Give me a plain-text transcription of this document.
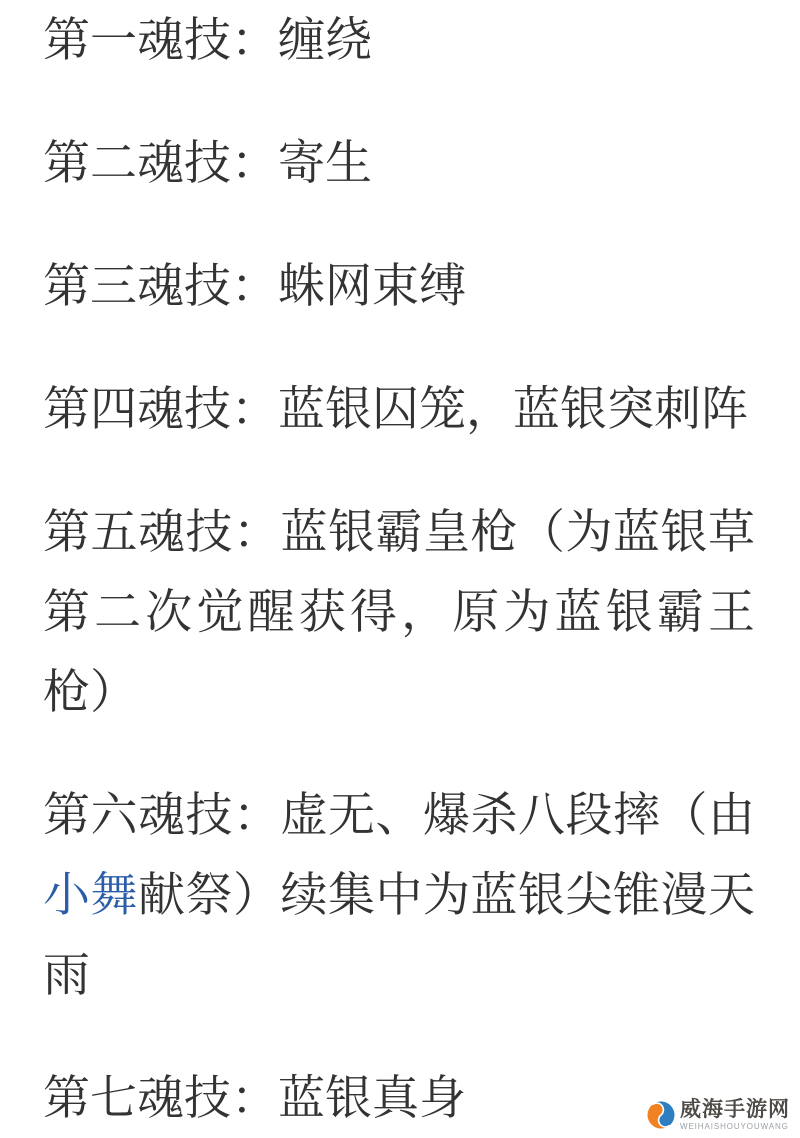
第一魂技：缠绕

第二魂技：寄生

第三魂技：蛛网束缚

第四魂技：蓝银囚笼，蓝银突刺阵

第五魂技：蓝银霸皇枪（为蓝银草第二次觉醒获得，原为蓝银霸王枪）

第六魂技：虚无、爆杀八段摔（由小舞献祭）续集中为蓝银尖锥漫天雨

第七魂技：蓝银真身	威海手游网
WEIHAISHOUYOUWANG
